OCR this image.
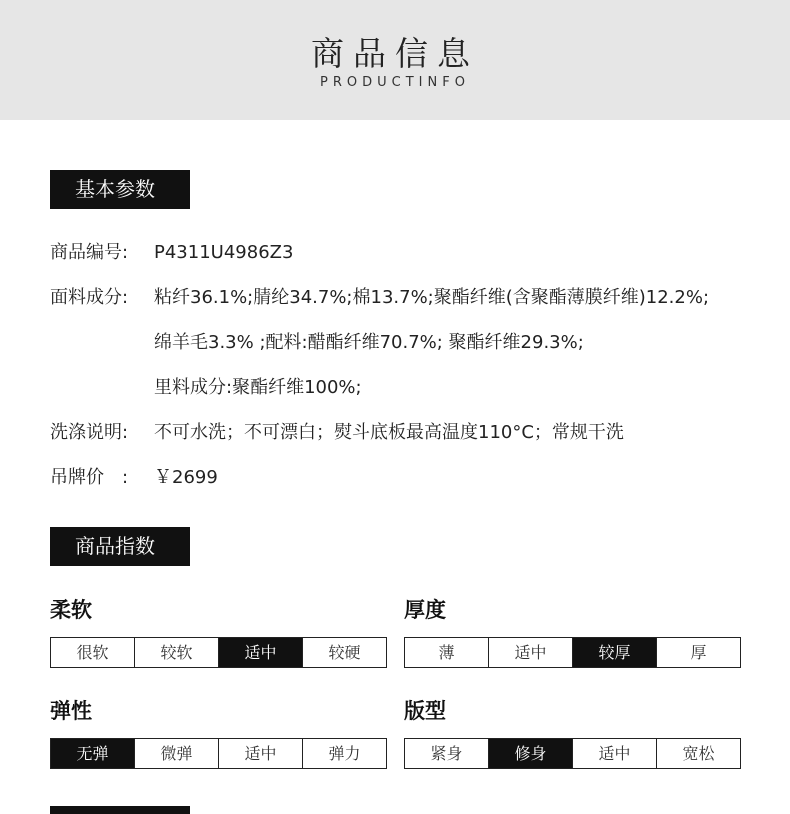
商品信息
PRODUCTINFO
基本参数
商品编号: P4311U4986Z3
面料成分: 粘纤36.1%;腈纶34.7%;棉13.7%;聚酯纤维(含聚酯薄膜纤维)12.2%;
绵羊毛3.3% ;配料:醋酯纤维70.7%; 聚酯纤维29.3%;
里料成分:聚酯纤维100%;
洗涤说明: 不可水洗；不可漂白；熨斗底板最高温度110°C；常规干洗
吊牌价　: ￥2699
商品指数
柔软
很软	较软	适中	较硬
厚度
薄	适中	较厚	厚
弹性
无弹	微弹	适中	弹力
版型
紧身	修身	适中	宽松
